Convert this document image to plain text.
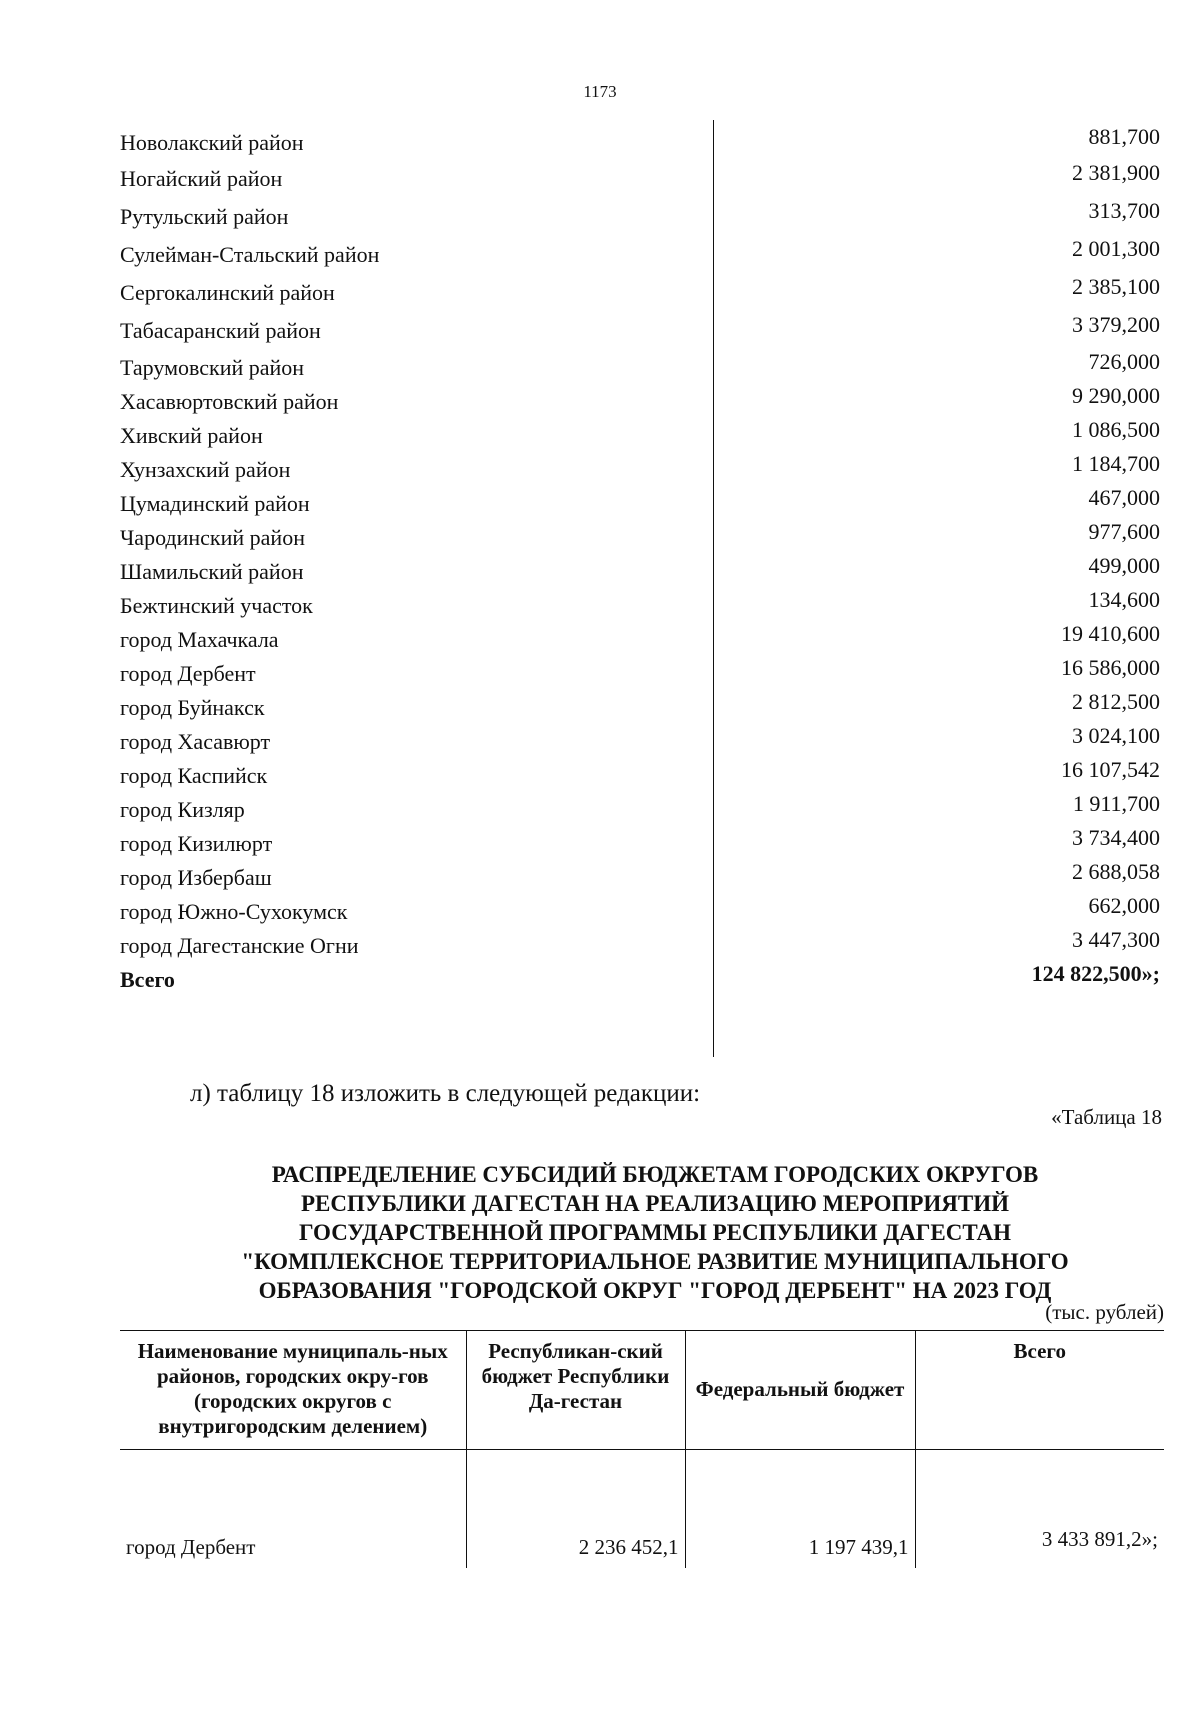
1173
Новолакский район	881,700
Ногайский район	2 381,900
Рутульский район	313,700
Сулейман-Стальский район	2 001,300
Сергокалинский район	2 385,100
Табасаранский район	3 379,200
Тарумовский район	726,000
Хасавюртовский район	9 290,000
Хивский район	1 086,500
Хунзахский район	1 184,700
Цумадинский район	467,000
Чародинский район	977,600
Шамильский район	499,000
Бежтинский участок	134,600
город Махачкала	19 410,600
город Дербент	16 586,000
город Буйнакск	2 812,500
город Хасавюрт	3 024,100
город Каспийск	16 107,542
город Кизляр	1 911,700
город Кизилюрт	3 734,400
город Избербаш	2 688,058
город Южно-Сухокумск	662,000
город Дагестанские Огни	3 447,300
Всего	124 822,500»;
л) таблицу 18 изложить в следующей редакции:
«Таблица 18
РАСПРЕДЕЛЕНИЕ СУБСИДИЙ БЮДЖЕТАМ ГОРОДСКИХ ОКРУГОВ
РЕСПУБЛИКИ ДАГЕСТАН НА РЕАЛИЗАЦИЮ МЕРОПРИЯТИЙ
ГОСУДАРСТВЕННОЙ ПРОГРАММЫ РЕСПУБЛИКИ ДАГЕСТАН
"КОМПЛЕКСНОЕ ТЕРРИТОРИАЛЬНОЕ РАЗВИТИЕ МУНИЦИПАЛЬНОГО
ОБРАЗОВАНИЯ "ГОРОДСКОЙ ОКРУГ "ГОРОД ДЕРБЕНТ" НА 2023 ГОД
(тыс. рублей)
Наименование муниципаль-ных районов, городских окру-гов (городских округов с внутригородским делением)	Республикан-ский бюджет Республики Да-гестан	Федеральный бюджет	Всего
город Дербент	2 236 452,1	1 197 439,1	3 433 891,2»;
